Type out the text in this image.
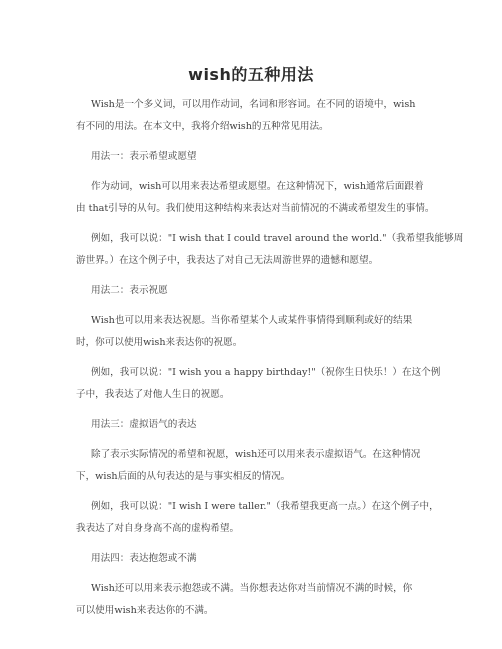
wish的五种用法
Wish是一个多义词，可以用作动词，名词和形容词。在不同的语境中，wish
有不同的用法。在本文中，我将介绍wish的五种常见用法。
用法一：表示希望或愿望
作为动词，wish可以用来表达希望或愿望。在这种情况下，wish通常后面跟着
由 that引导的从句。我们使用这种结构来表达对当前情况的不满或希望发生的事情。
例如，我可以说："I wish that I could travel around the world."（我希望我能够周
游世界。）在这个例子中，我表达了对自己无法周游世界的遗憾和愿望。
用法二：表示祝愿
Wish也可以用来表达祝愿。当你希望某个人或某件事情得到顺利或好的结果
时，你可以使用wish来表达你的祝愿。
例如，我可以说："I wish you a happy birthday!"（祝你生日快乐！）在这个例
子中，我表达了对他人生日的祝愿。
用法三：虚拟语气的表达
除了表示实际情况的希望和祝愿，wish还可以用来表示虚拟语气。在这种情况
下，wish后面的从句表达的是与事实相反的情况。
例如，我可以说："I wish I were taller."（我希望我更高一点。）在这个例子中，
我表达了对自身身高不高的虚构希望。
用法四：表达抱怨或不满
Wish还可以用来表示抱怨或不满。当你想表达你对当前情况不满的时候，你
可以使用wish来表达你的不满。
